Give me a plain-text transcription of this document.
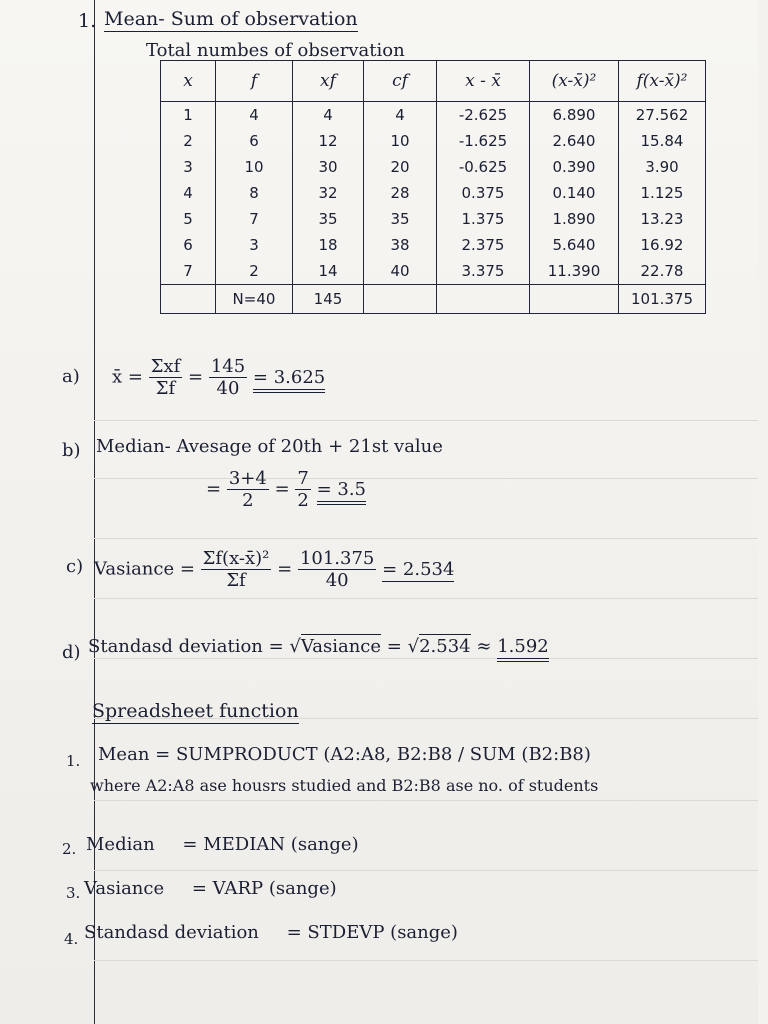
1. Mean- Sum of observation
Total numbes of observation
x	f	xf	cf	x - x̄	(x-x̄)²	f(x-x̄)²
1	4	4	4	-2.625	6.890	27.562
2	6	12	10	-1.625	2.640	15.84
3	10	30	20	-0.625	0.390	3.90
4	8	32	28	0.375	0.140	1.125
5	7	35	35	1.375	1.890	13.23
6	3	18	38	2.375	5.640	16.92
7	2	14	40	3.375	11.390	22.78
	N=40	145				101.375
a) x̄ = $\frac{\text{Σxf}}{\Sigma f} = \frac{145}{40} = 3.625$
b) Median- Avesage of 20th + 21st value
= $\frac{3+4}{2} = \frac{7}{2} = 3.5$
c) Vasiance = $\frac{\text{Σf(x-x̄)²}}{\Sigma f} = \frac{101.375}{40} = 2.534$
d) Standasd deviation = √Vasiance = √2.534 ≈ 1.592
Spreadsheet function
1. Mean = SUMPRODUCT (A2:A8, B2:B8 / SUM (B2:B8)
where A2:A8 ase housrs studied and B2:B8 ase no. of students
2. Median = MEDIAN (sange)
3. Vasiance = VARP (sange)
4. Standasd deviation = STDEVP (sange)
